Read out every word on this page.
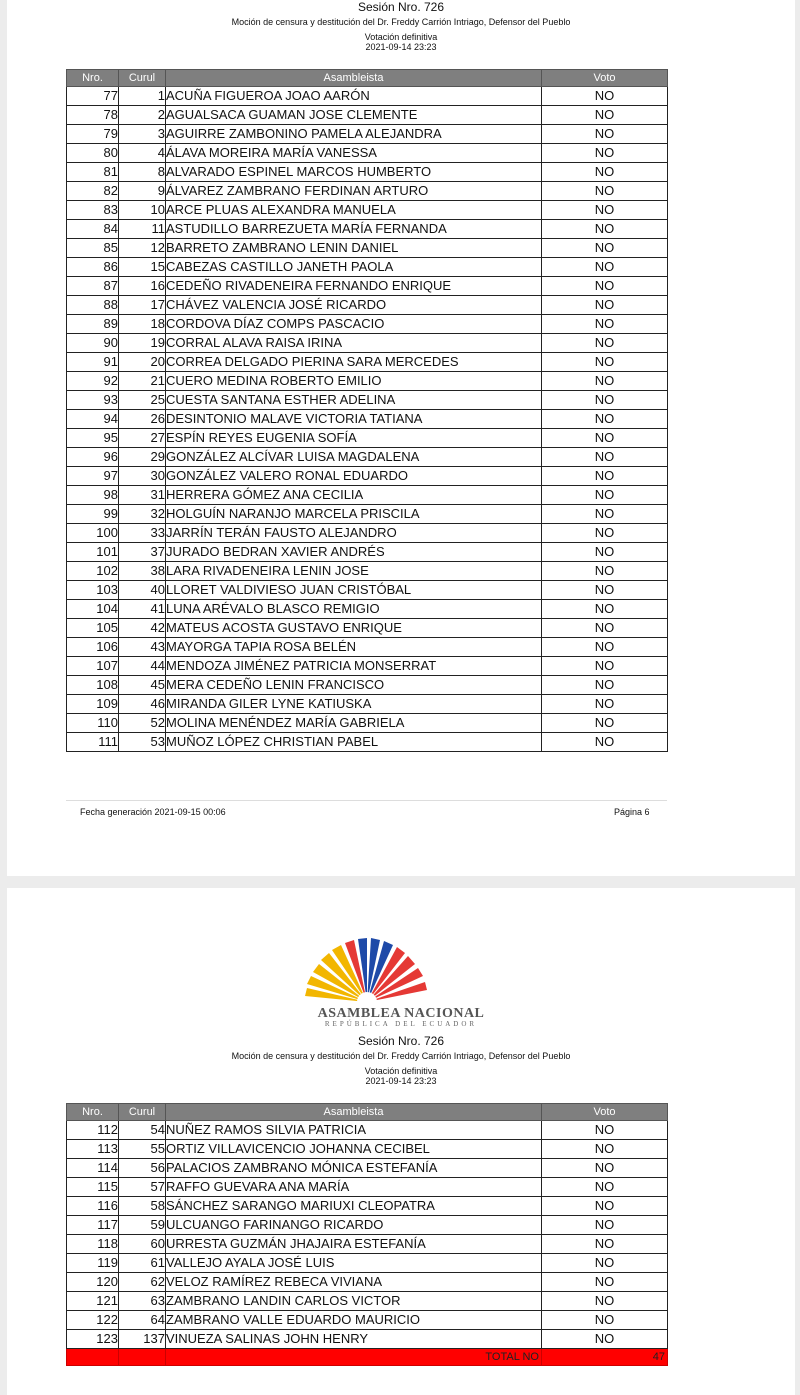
Sesión Nro. 726
Moción de censura y destitución del Dr. Freddy Carrión Intriago, Defensor del Pueblo
Votación definitiva
2021-09-14 23:23
Nro.	Curul	Asambleista	Voto
77	1	ACUÑA FIGUEROA JOAO AARÓN	NO
78	2	AGUALSACA GUAMAN JOSE CLEMENTE	NO
79	3	AGUIRRE ZAMBONINO PAMELA ALEJANDRA	NO
80	4	ÁLAVA MOREIRA MARÍA VANESSA	NO
81	8	ALVARADO ESPINEL MARCOS HUMBERTO	NO
82	9	ÁLVAREZ ZAMBRANO FERDINAN ARTURO	NO
83	10	ARCE PLUAS ALEXANDRA MANUELA	NO
84	11	ASTUDILLO BARREZUETA MARÍA FERNANDA	NO
85	12	BARRETO ZAMBRANO LENIN DANIEL	NO
86	15	CABEZAS CASTILLO JANETH PAOLA	NO
87	16	CEDEÑO RIVADENEIRA FERNANDO ENRIQUE	NO
88	17	CHÁVEZ VALENCIA JOSÉ RICARDO	NO
89	18	CORDOVA DÍAZ COMPS PASCACIO	NO
90	19	CORRAL ALAVA RAISA IRINA	NO
91	20	CORREA DELGADO PIERINA SARA MERCEDES	NO
92	21	CUERO MEDINA ROBERTO EMILIO	NO
93	25	CUESTA SANTANA ESTHER ADELINA	NO
94	26	DESINTONIO MALAVE VICTORIA TATIANA	NO
95	27	ESPÍN REYES EUGENIA SOFÍA	NO
96	29	GONZÁLEZ ALCÍVAR LUISA MAGDALENA	NO
97	30	GONZÁLEZ VALERO RONAL EDUARDO	NO
98	31	HERRERA GÓMEZ ANA CECILIA	NO
99	32	HOLGUÍN NARANJO MARCELA PRISCILA	NO
100	33	JARRÍN TERÁN FAUSTO ALEJANDRO	NO
101	37	JURADO BEDRAN XAVIER ANDRÉS	NO
102	38	LARA RIVADENEIRA LENIN JOSE	NO
103	40	LLORET VALDIVIESO JUAN CRISTÓBAL	NO
104	41	LUNA ARÉVALO BLASCO REMIGIO	NO
105	42	MATEUS ACOSTA GUSTAVO ENRIQUE	NO
106	43	MAYORGA TAPIA ROSA BELÉN	NO
107	44	MENDOZA JIMÉNEZ PATRICIA MONSERRAT	NO
108	45	MERA CEDEÑO LENIN FRANCISCO	NO
109	46	MIRANDA GILER LYNE KATIUSKA	NO
110	52	MOLINA MENÉNDEZ MARÍA GABRIELA	NO
111	53	MUÑOZ LÓPEZ CHRISTIAN PABEL	NO
Fecha generación 2021-09-15 00:06	Página 6
ASAMBLEA NACIONAL
REPÚBLICA DEL ECUADOR
Sesión Nro. 726
Moción de censura y destitución del Dr. Freddy Carrión Intriago, Defensor del Pueblo
Votación definitiva
2021-09-14 23:23
Nro.	Curul	Asambleista	Voto
112	54	NUÑEZ RAMOS SILVIA PATRICIA	NO
113	55	ORTIZ VILLAVICENCIO JOHANNA CECIBEL	NO
114	56	PALACIOS ZAMBRANO MÓNICA ESTEFANÍA	NO
115	57	RAFFO GUEVARA ANA MARÍA	NO
116	58	SÁNCHEZ SARANGO MARIUXI CLEOPATRA	NO
117	59	ULCUANGO FARINANGO RICARDO	NO
118	60	URRESTA GUZMÁN JHAJAIRA ESTEFANÍA	NO
119	61	VALLEJO AYALA JOSÉ LUIS	NO
120	62	VELOZ RAMÍREZ REBECA VIVIANA	NO
121	63	ZAMBRANO LANDIN CARLOS VICTOR	NO
122	64	ZAMBRANO VALLE EDUARDO MAURICIO	NO
123	137	VINUEZA SALINAS JOHN HENRY	NO
		TOTAL NO	47
